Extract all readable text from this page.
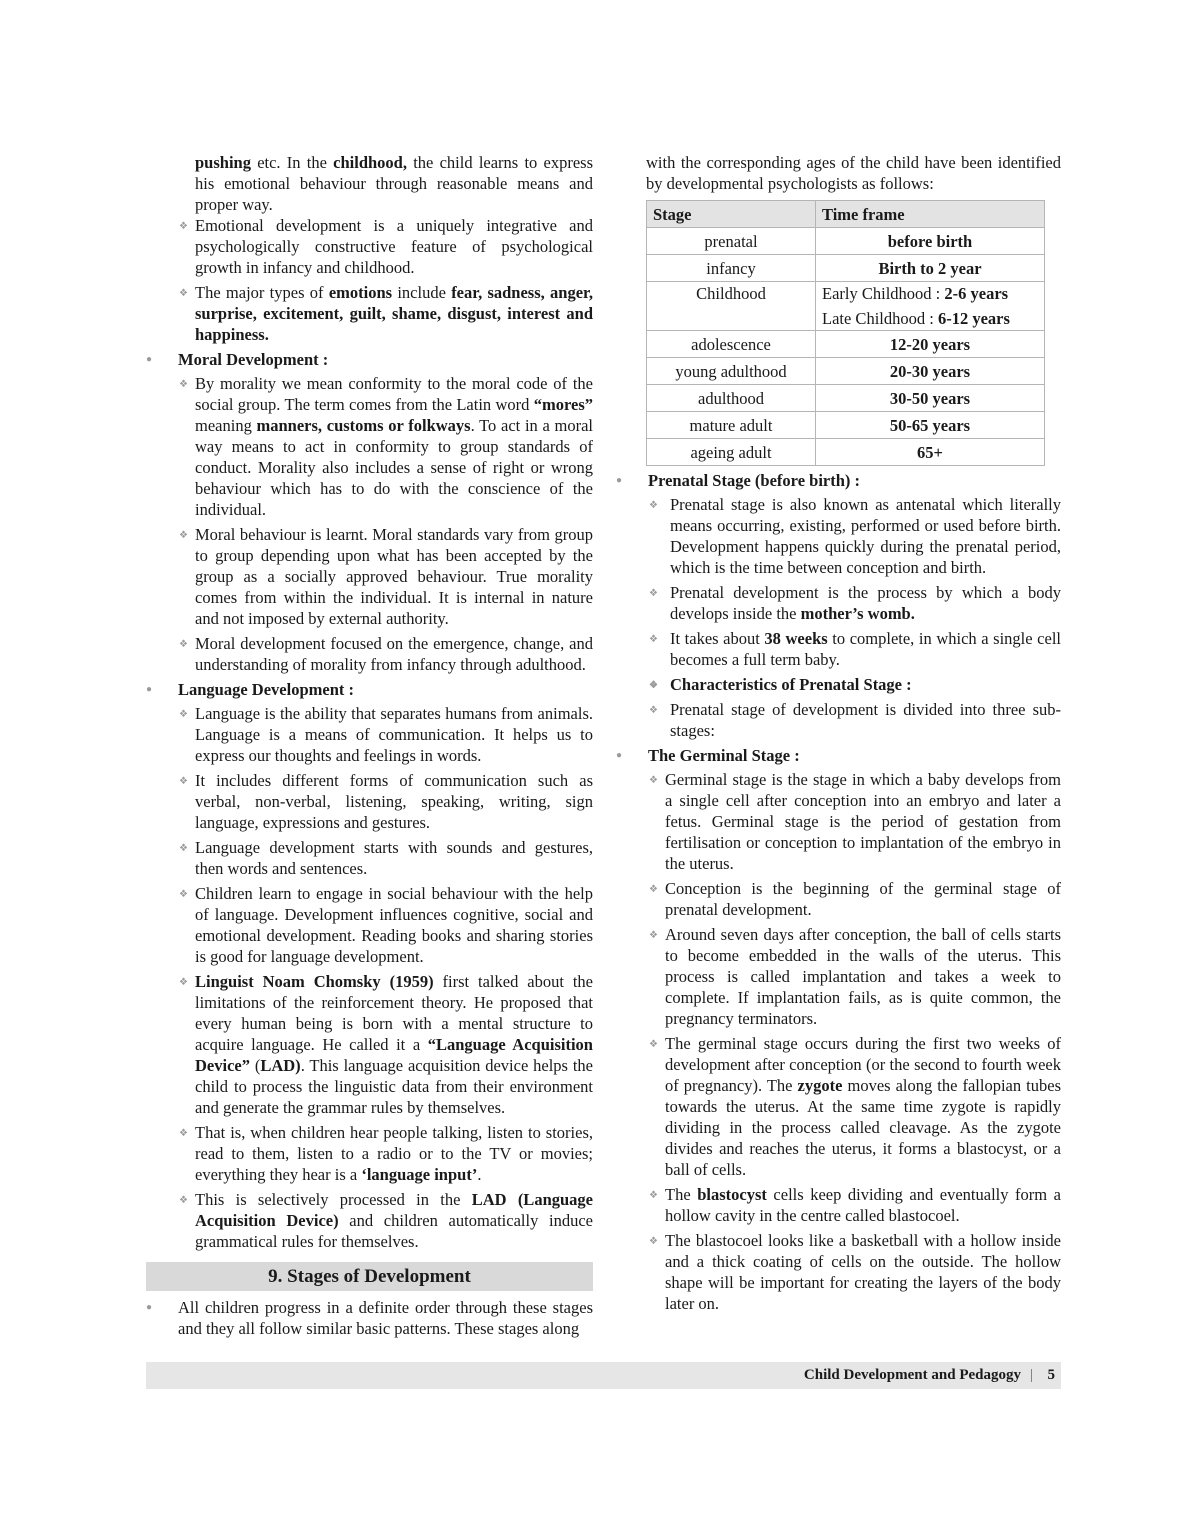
pushing etc. In the childhood, the child learns to express his emotional behaviour through reasonable means and proper way.

❖ Emotional development is a uniquely integrative and psychologically constructive feature of psychological growth in infancy and childhood.

❖ The major types of emotions include fear, sadness, anger, surprise, excitement, guilt, shame, disgust, interest and happiness.

● Moral Development :

❖ By morality we mean conformity to the moral code of the social group. The term comes from the Latin word “mores” meaning manners, customs or folkways. To act in a moral way means to act in conformity to group standards of conduct. Morality also includes a sense of right or wrong behaviour which has to do with the conscience of the individual.

❖ Moral behaviour is learnt. Moral standards vary from group to group depending upon what has been accepted by the group as a socially approved behaviour. True morality comes from within the individual. It is internal in nature and not imposed by external authority.

❖ Moral development focused on the emergence, change, and understanding of morality from infancy through adulthood.

● Language Development :

❖ Language is the ability that separates humans from animals. Language is a means of communication. It helps us to express our thoughts and feelings in words.

❖ It includes different forms of communication such as verbal, non-verbal, listening, speaking, writing, sign language, expressions and gestures.

❖ Language development starts with sounds and gestures, then words and sentences.

❖ Children learn to engage in social behaviour with the help of language. Development influences cognitive, social and emotional development. Reading books and sharing stories is good for language development.

❖ Linguist Noam Chomsky (1959) first talked about the limitations of the reinforcement theory. He proposed that every human being is born with a mental structure to acquire language. He called it a “Language Acquisition Device” (LAD). This language acquisition device helps the child to process the linguistic data from their environment and generate the grammar rules by themselves.

❖ That is, when children hear people talking, listen to stories, read to them, listen to a radio or to the TV or movies; everything they hear is a ‘language input’.

❖ This is selectively processed in the LAD (Language Acquisition Device) and children automatically induce grammatical rules for themselves.

9. Stages of Development

● All children progress in a definite order through these stages and they all follow similar basic patterns. These stages along

with the corresponding ages of the child have been identified by developmental psychologists as follows:

Stage	Time frame
prenatal	before birth
infancy	Birth to 2 year
Childhood	Early Childhood : 2-6 years
Late Childhood : 6-12 years

adolescence	12-20 years
young adulthood	20-30 years
adulthood	30-50 years
mature adult	50-65 years
ageing adult	65+
● Prenatal Stage (before birth) :

❖ Prenatal stage is also known as antenatal which literally means occurring, existing, performed or used before birth. Development happens quickly during the prenatal period, which is the time between conception and birth.

❖ Prenatal development is the process by which a body develops inside the mother’s womb.

❖ It takes about 38 weeks to complete, in which a single cell becomes a full term baby.

❖ Characteristics of Prenatal Stage :

❖ Prenatal stage of development is divided into three sub-stages:

● The Germinal Stage :

❖ Germinal stage is the stage in which a baby develops from a single cell after conception into an embryo and later a fetus. Germinal stage is the period of gestation from fertilisation or conception to implantation of the embryo in the uterus.

❖ Conception is the beginning of the germinal stage of prenatal development.

❖ Around seven days after conception, the ball of cells starts to become embedded in the walls of the uterus. This process is called implantation and takes a week to complete. If implantation fails, as is quite common, the pregnancy terminators.

❖ The germinal stage occurs during the first two weeks of development after conception (or the second to fourth week of pregnancy). The zygote moves along the fallopian tubes towards the uterus. At the same time zygote is rapidly dividing in the process called cleavage. As the zygote divides and reaches the uterus, it forms a blastocyst, or a ball of cells.

❖ The blastocyst cells keep dividing and eventually form a hollow cavity in the centre called blastocoel.

❖ The blastocoel looks like a basketball with a hollow inside and a thick coating of cells on the outside. The hollow shape will be important for creating the layers of the body later on.

Child Development and Pedagogy | 5
